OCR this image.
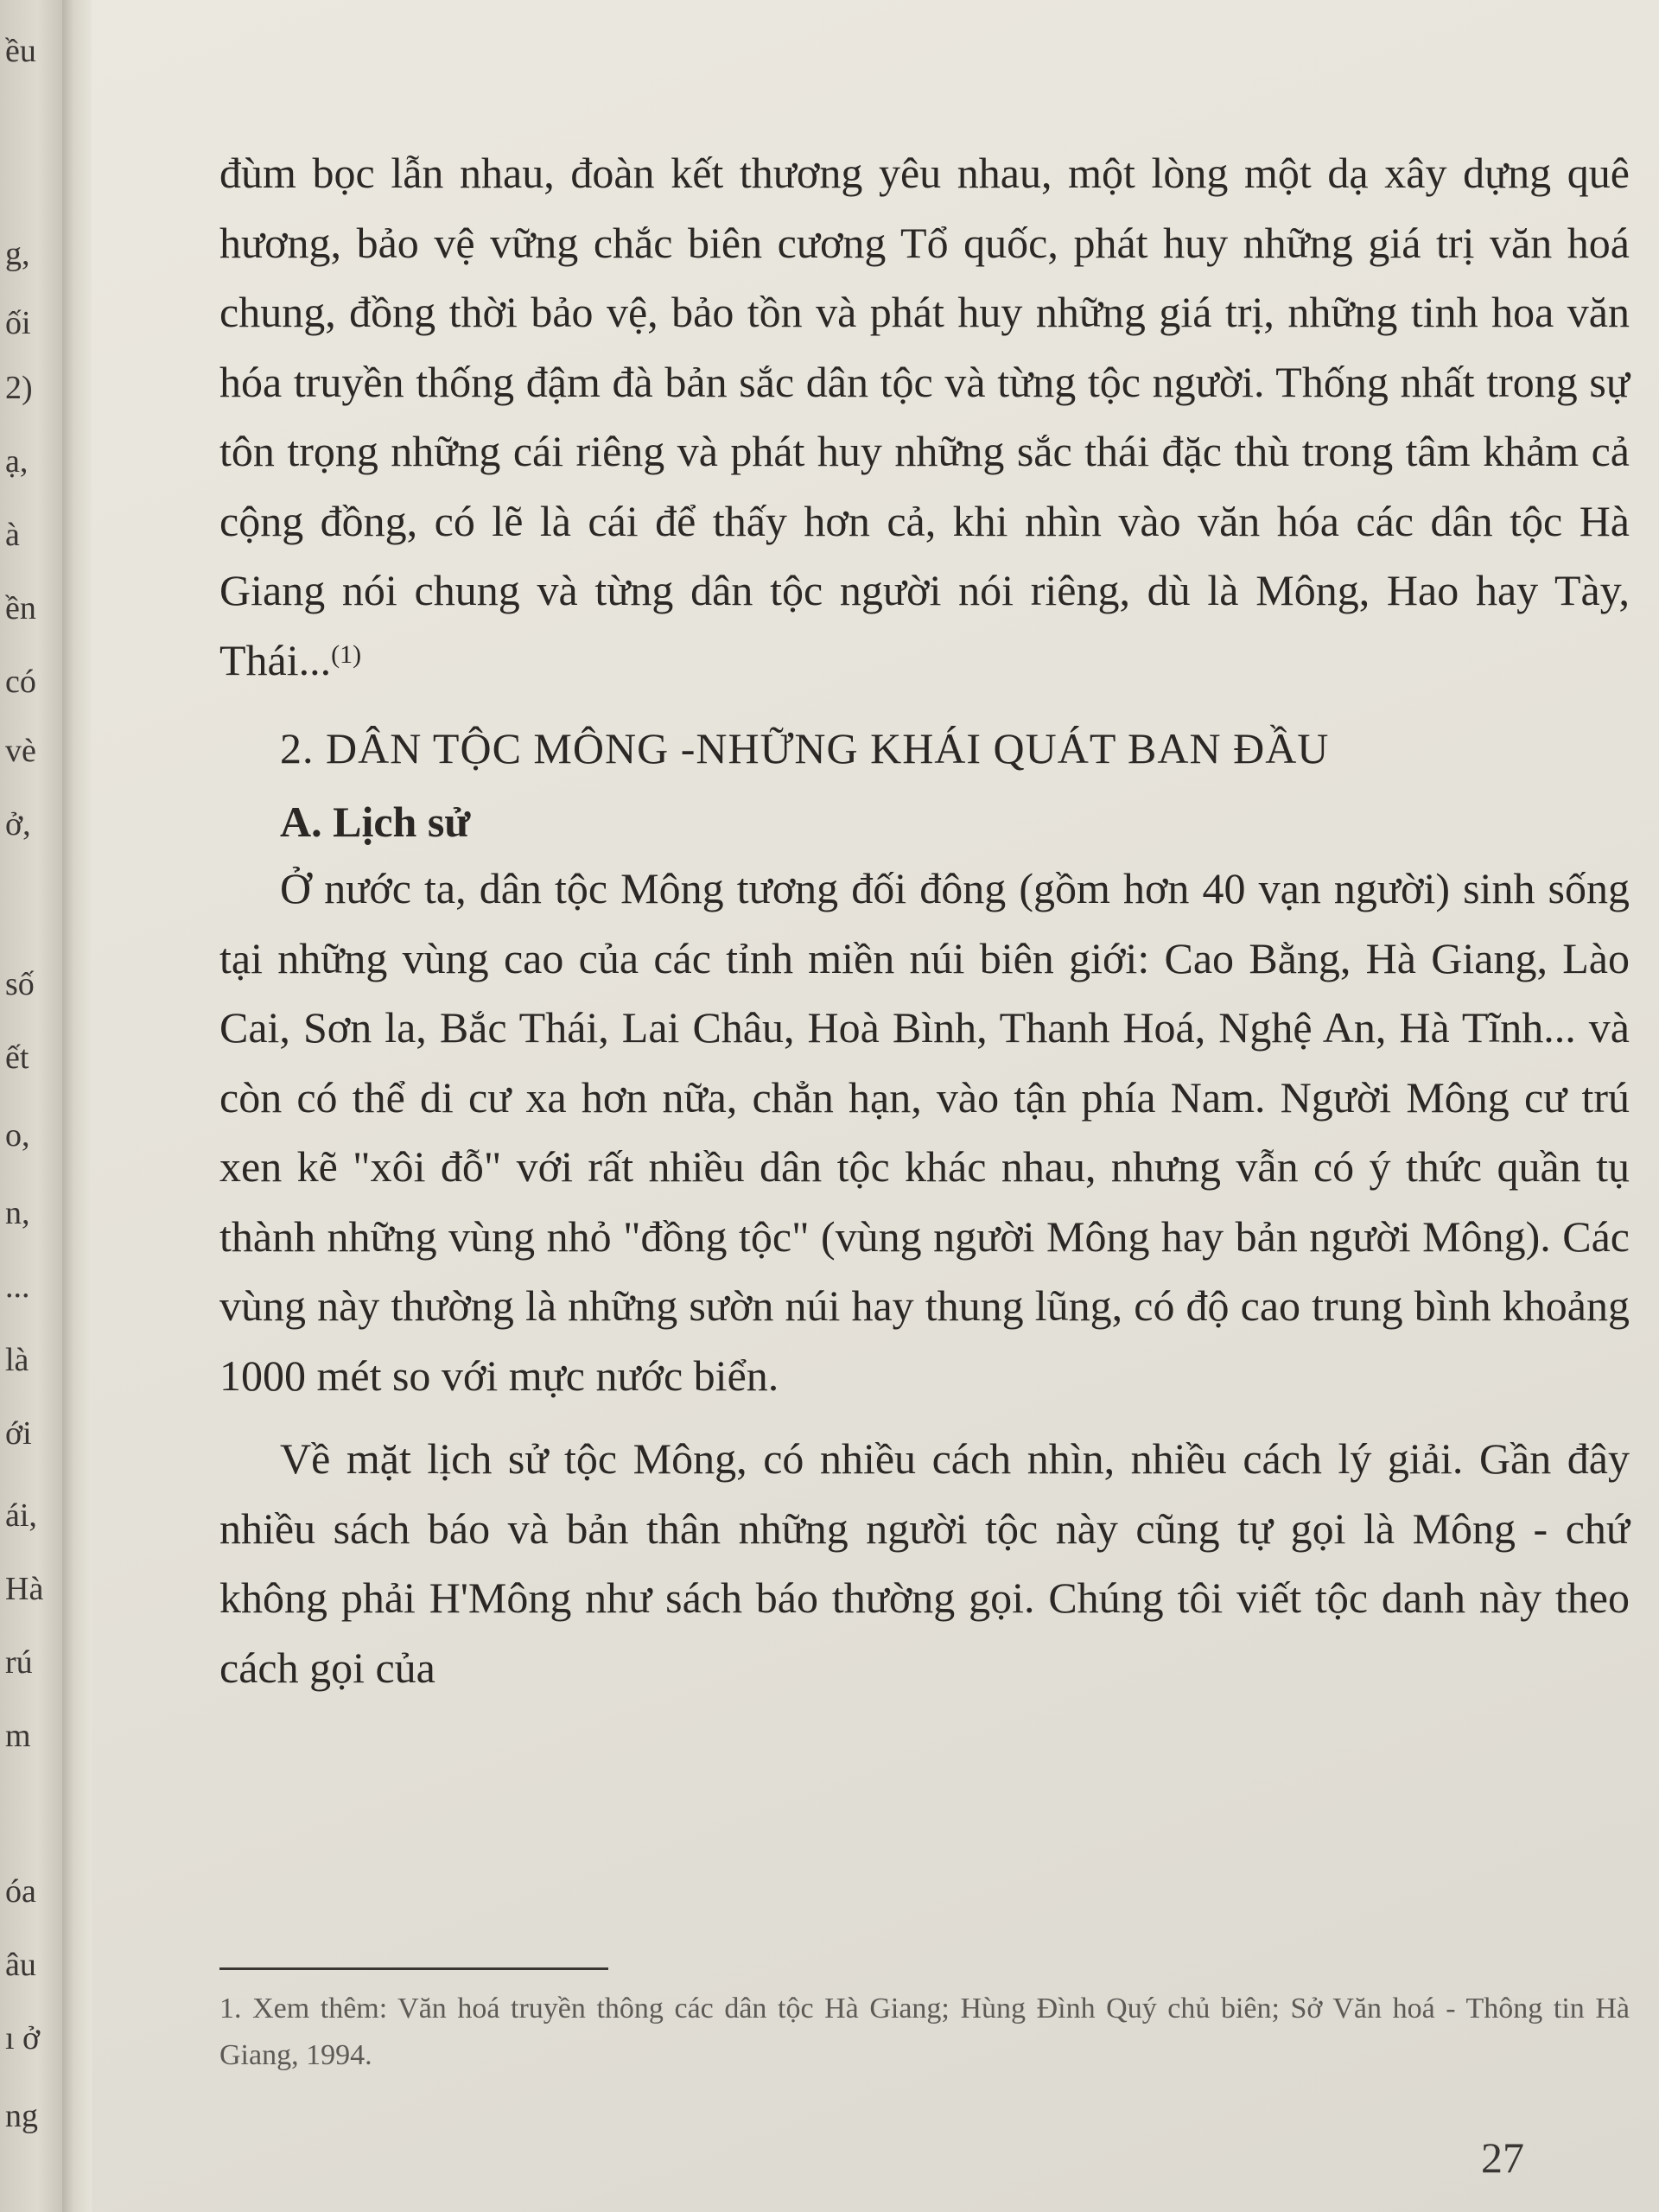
ều
g,
ối
2)
ạ,
à
ền
có
vè
ở,
số
ết
o,
n,
...
là
ới
ái,
Hà
rú
m
óa
âu
ı ở
ng

đùm bọc lẫn nhau, đoàn kết thương yêu nhau, một lòng một dạ xây dựng quê hương, bảo vệ vững chắc biên cương Tổ quốc, phát huy những giá trị văn hoá chung, đồng thời bảo vệ, bảo tồn và phát huy những giá trị, những tinh hoa văn hóa truyền thống đậm đà bản sắc dân tộc và từng tộc người. Thống nhất trong sự tôn trọng những cái riêng và phát huy những sắc thái đặc thù trong tâm khảm cả cộng đồng, có lẽ là cái để thấy hơn cả, khi nhìn vào văn hóa các dân tộc Hà Giang nói chung và từng dân tộc người nói riêng, dù là Mông, Hao hay Tày, Thái...$^{(1)}$

2. DÂN TỘC MÔNG -NHỮNG KHÁI QUÁT BAN ĐẦU
A. Lịch sử

Ở nước ta, dân tộc Mông tương đối đông (gồm hơn 40 vạn người) sinh sống tại những vùng cao của các tỉnh miền núi biên giới: Cao Bằng, Hà Giang, Lào Cai, Sơn la, Bắc Thái, Lai Châu, Hoà Bình, Thanh Hoá, Nghệ An, Hà Tĩnh... và còn có thể di cư xa hơn nữa, chẳn hạn, vào tận phía Nam. Người Mông cư trú xen kẽ "xôi đỗ" với rất nhiều dân tộc khác nhau, nhưng vẫn có ý thức quần tụ thành những vùng nhỏ "đồng tộc" (vùng người Mông hay bản người Mông). Các vùng này thường là những sườn núi hay thung lũng, có độ cao trung bình khoảng 1000 mét so với mực nước biển.

Về mặt lịch sử tộc Mông, có nhiều cách nhìn, nhiều cách lý giải. Gần đây nhiều sách báo và bản thân những người tộc này cũng tự gọi là Mông - chứ không phải H'Mông như sách báo thường gọi. Chúng tôi viết tộc danh này theo cách gọi của

1. Xem thêm: Văn hoá truyền thông các dân tộc Hà Giang; Hùng Đình Quý chủ biên; Sở Văn hoá - Thông tin Hà Giang, 1994.

27
